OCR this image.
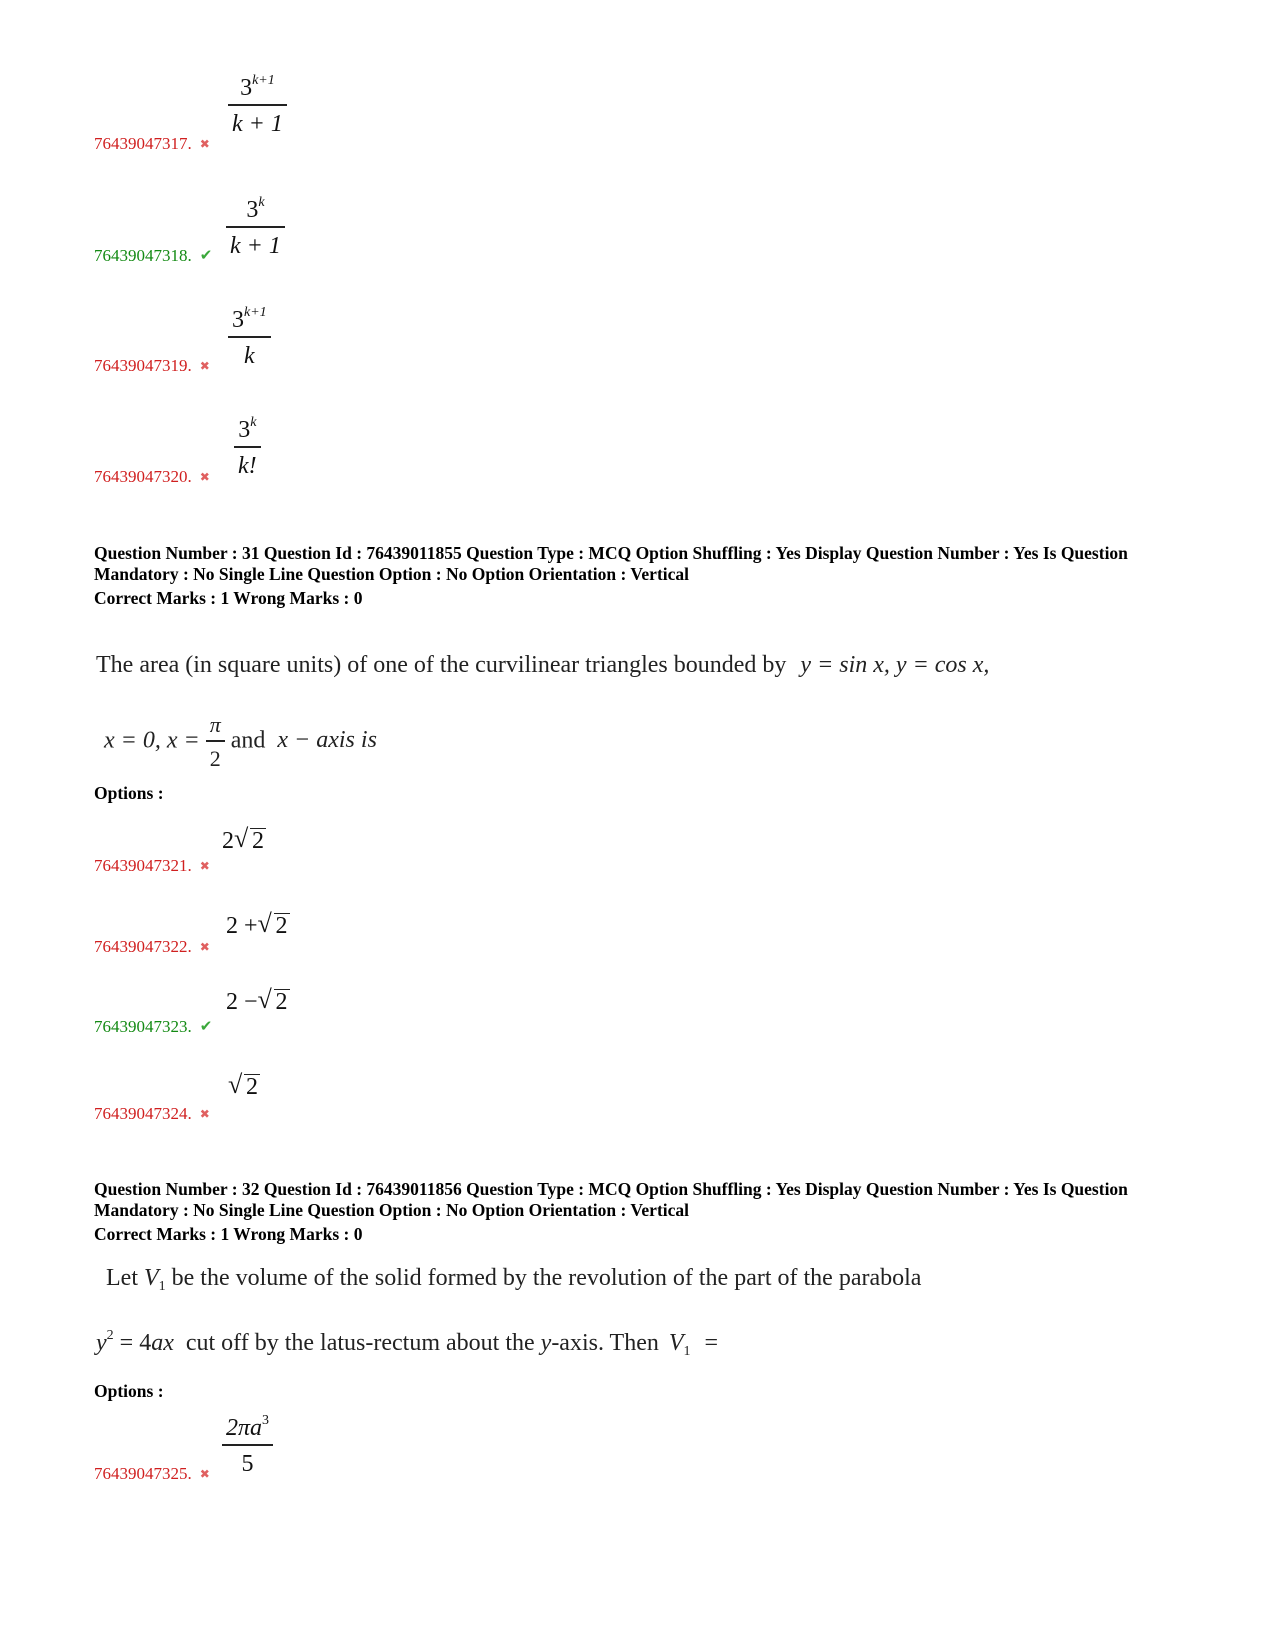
$\frac{3^{k+1}}{k + 1}$
76439047317. ✖
$\frac{3^k}{k + 1}$
76439047318. ✔
$\frac{3^{k+1}}{k}$
76439047319. ✖
$\frac{3^k}{k!}$
76439047320. ✖
Question Number : 31 Question Id : 76439011855 Question Type : MCQ Option Shuffling : Yes Display Question Number : Yes Is Question
Mandatory : No Single Line Question Option : No Option Orientation : Vertical
Correct Marks : 1 Wrong Marks : 0
The area (in square units) of one of the curvilinear triangles bounded by y = sin x, y = cos x,
x = 0, $x = \frac{\pi}{2}$ and x − axis is
Options :
2 √ 2
76439047321. ✖
2 + √ 2
76439047322. ✖
2 − √ 2
76439047323. ✔
√ 2
76439047324. ✖
Question Number : 32 Question Id : 76439011856 Question Type : MCQ Option Shuffling : Yes Display Question Number : Yes Is Question
Mandatory : No Single Line Question Option : No Option Orientation : Vertical
Correct Marks : 1 Wrong Marks : 0
Let $V_1$ be the volume of the solid formed by the revolution of the part of the parabola
$y^2 = 4ax$ cut off by the latus-rectum about the y-axis. Then $V_1$ =
Options :
$\frac{2\pi a^3}{5}$
76439047325. ✖
